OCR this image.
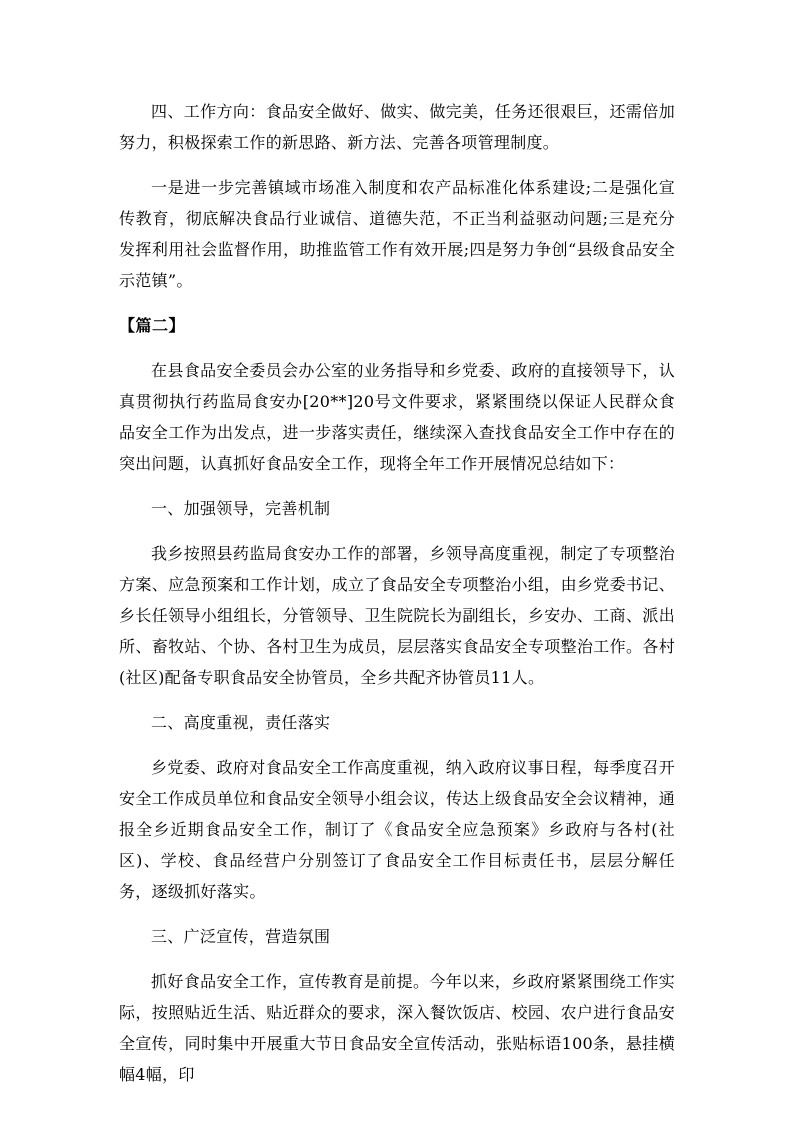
四、工作方向：食品安全做好、做实、做完美，任务还很艰巨，还需倍加努力，积极探索工作的新思路、新方法、完善各项管理制度。

一是进一步完善镇域市场准入制度和农产品标准化体系建设;二是强化宣传教育，彻底解决食品行业诚信、道德失范，不正当利益驱动问题;三是充分发挥利用社会监督作用，助推监管工作有效开展;四是努力争创“县级食品安全示范镇”。

【篇二】

在县食品安全委员会办公室的业务指导和乡党委、政府的直接领导下，认真贯彻执行药监局食安办[20**]20号文件要求，紧紧围绕以保证人民群众食品安全工作为出发点，进一步落实责任，继续深入查找食品安全工作中存在的突出问题，认真抓好食品安全工作，现将全年工作开展情况总结如下：

一、加强领导，完善机制

我乡按照县药监局食安办工作的部署，乡领导高度重视，制定了专项整治方案、应急预案和工作计划，成立了食品安全专项整治小组，由乡党委书记、乡长任领导小组组长，分管领导、卫生院院长为副组长，乡安办、工商、派出所、畜牧站、个协、各村卫生为成员，层层落实食品安全专项整治工作。各村(社区)配备专职食品安全协管员，全乡共配齐协管员11人。

二、高度重视，责任落实

乡党委、政府对食品安全工作高度重视，纳入政府议事日程，每季度召开安全工作成员单位和食品安全领导小组会议，传达上级食品安全会议精神，通报全乡近期食品安全工作，制订了《食品安全应急预案》乡政府与各村(社区)、学校、食品经营户分别签订了食品安全工作目标责任书，层层分解任务，逐级抓好落实。

三、广泛宣传，营造氛围

抓好食品安全工作，宣传教育是前提。今年以来，乡政府紧紧围绕工作实际，按照贴近生活、贴近群众的要求，深入餐饮饭店、校园、农户进行食品安全宣传，同时集中开展重大节日食品安全宣传活动，张贴标语100条，悬挂横幅4幅，印
